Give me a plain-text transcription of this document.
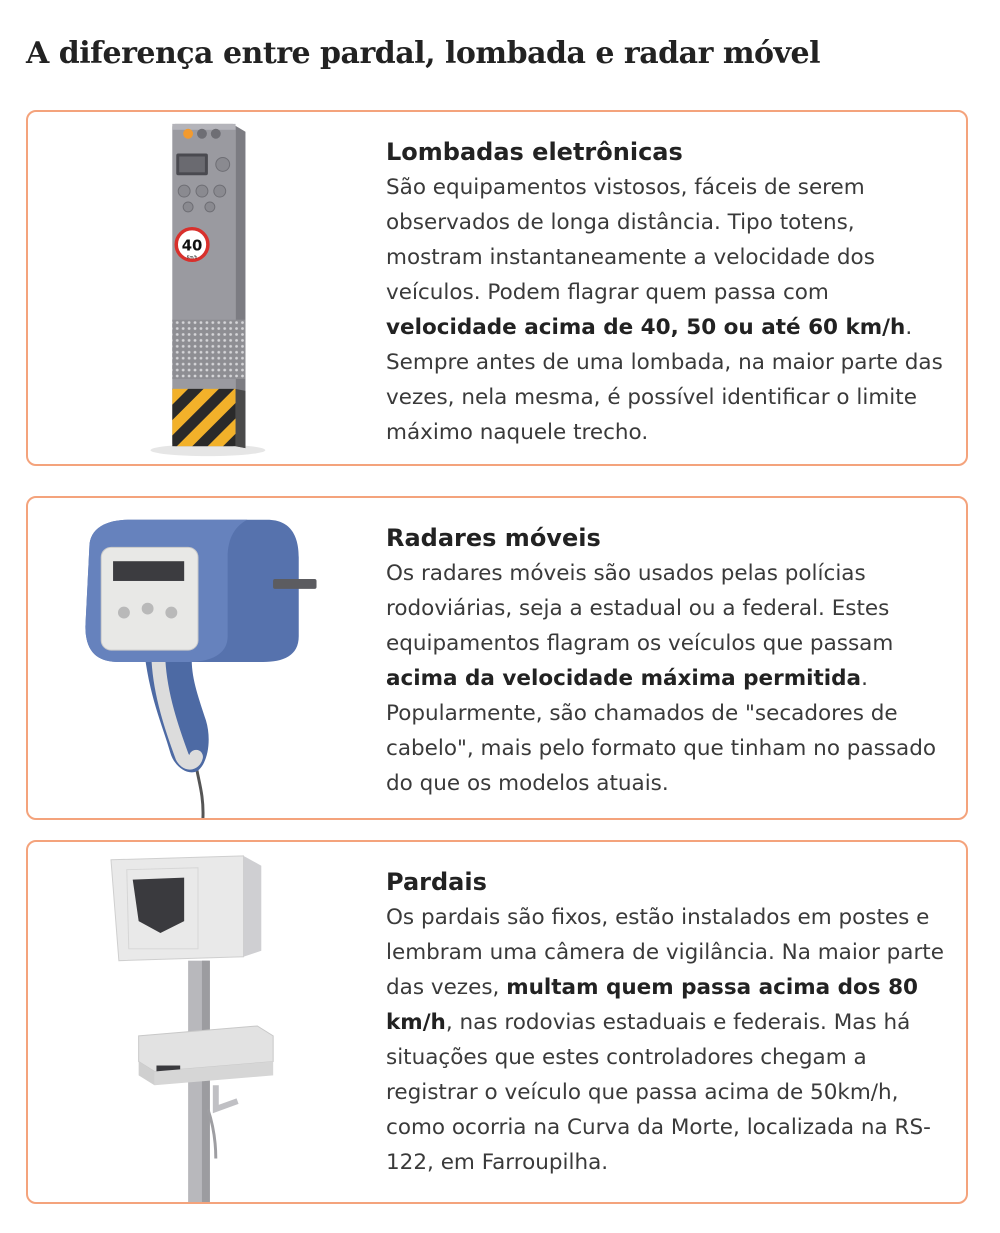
A diferença entre pardal, lombada e radar móvel
40
Km/h
Lombadas eletrônicas

São equipamentos vistosos, fáceis de serem observados de longa distância. Tipo totens, mostram instantaneamente a velocidade dos veículos. Podem flagrar quem passa com velocidade acima de 40, 50 ou até 60 km/h. Sempre antes de uma lombada, na maior parte das vezes, nela mesma, é possível identificar o limite máximo naquele trecho.

Radares móveis

Os radares móveis são usados pelas polícias rodoviárias, seja a estadual ou a federal. Estes equipamentos flagram os veículos que passam acima da velocidade máxima permitida. Popularmente, são chamados de "secadores de cabelo", mais pelo formato que tinham no passado do que os modelos atuais.

Pardais

Os pardais são fixos, estão instalados em postes e lembram uma câmera de vigilância. Na maior parte das vezes, multam quem passa acima dos 80 km/h, nas rodovias estaduais e federais. Mas há situações que estes controladores chegam a registrar o veículo que passa acima de 50km/h, como ocorria na Curva da Morte, localizada na RS-122, em Farroupilha.
